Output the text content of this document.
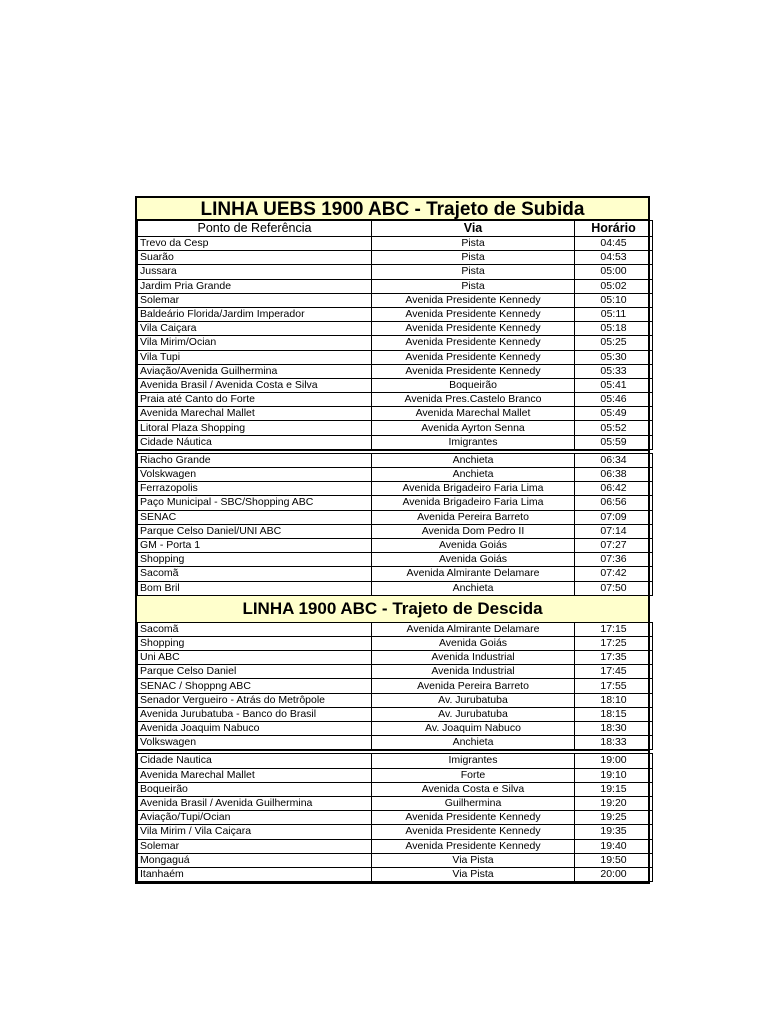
LINHA UEBS 1900 ABC - Trajeto de Subida
Ponto de Referência	Via	Horário
Trevo da Cesp	Pista	04:45
Suarão	Pista	04:53
Jussara	Pista	05:00
Jardim Pria Grande	Pista	05:02
Solemar	Avenida Presidente Kennedy	05:10
Baldeário Florida/Jardim Imperador	Avenida Presidente Kennedy	05:11
Vila Caiçara	Avenida Presidente Kennedy	05:18
Vila Mirim/Ocian	Avenida Presidente Kennedy	05:25
Vila Tupi	Avenida Presidente Kennedy	05:30
Aviação/Avenida Guilhermina	Avenida Presidente Kennedy	05:33
Avenida Brasil / Avenida Costa e Silva	Boqueirão	05:41
Praia até Canto do Forte	Avenida Pres.Castelo Branco	05:46
Avenida Marechal Mallet	Avenida Marechal Mallet	05:49
Litoral Plaza Shopping	Avenida Ayrton Senna	05:52
Cidade Náutica	Imigrantes	05:59
Riacho Grande	Anchieta	06:34
Volskwagen	Anchieta	06:38
Ferrazopolis	Avenida Brigadeiro Faria Lima	06:42
Paço Municipal - SBC/Shopping ABC	Avenida Brigadeiro Faria Lima	06:56
SENAC	Avenida Pereira Barreto	07:09
Parque Celso Daniel/UNI ABC	Avenida Dom Pedro II	07:14
GM - Porta 1	Avenida Goiás	07:27
Shopping	Avenida Goiás	07:36
Sacomã	Avenida Almirante Delamare	07:42
Bom Bril	Anchieta	07:50
LINHA 1900 ABC - Trajeto de Descida
Sacomã	Avenida Almirante Delamare	17:15
Shopping	Avenida Goiás	17:25
Uni ABC	Avenida Industrial	17:35
Parque Celso Daniel	Avenida Industrial	17:45
SENAC / Shoppng ABC	Avenida Pereira Barreto	17:55
Senador Vergueiro - Atrás do Metrôpole	Av. Jurubatuba	18:10
Avenida Jurubatuba - Banco do Brasil	Av. Jurubatuba	18:15
Avenida Joaquim Nabuco	Av. Joaquim Nabuco	18:30
Volkswagen	Anchieta	18:33
Cidade Nautica	Imigrantes	19:00
Avenida Marechal Mallet	Forte	19:10
Boqueirão	Avenida Costa e Silva	19:15
Avenida Brasil / Avenida Guilhermina	Guilhermina	19:20
Aviação/Tupi/Ocian	Avenida Presidente Kennedy	19:25
Vila Mirim / Vila Caiçara	Avenida Presidente Kennedy	19:35
Solemar	Avenida Presidente Kennedy	19:40
Mongaguá	Via Pista	19:50
Itanhaém	Via Pista	20:00
